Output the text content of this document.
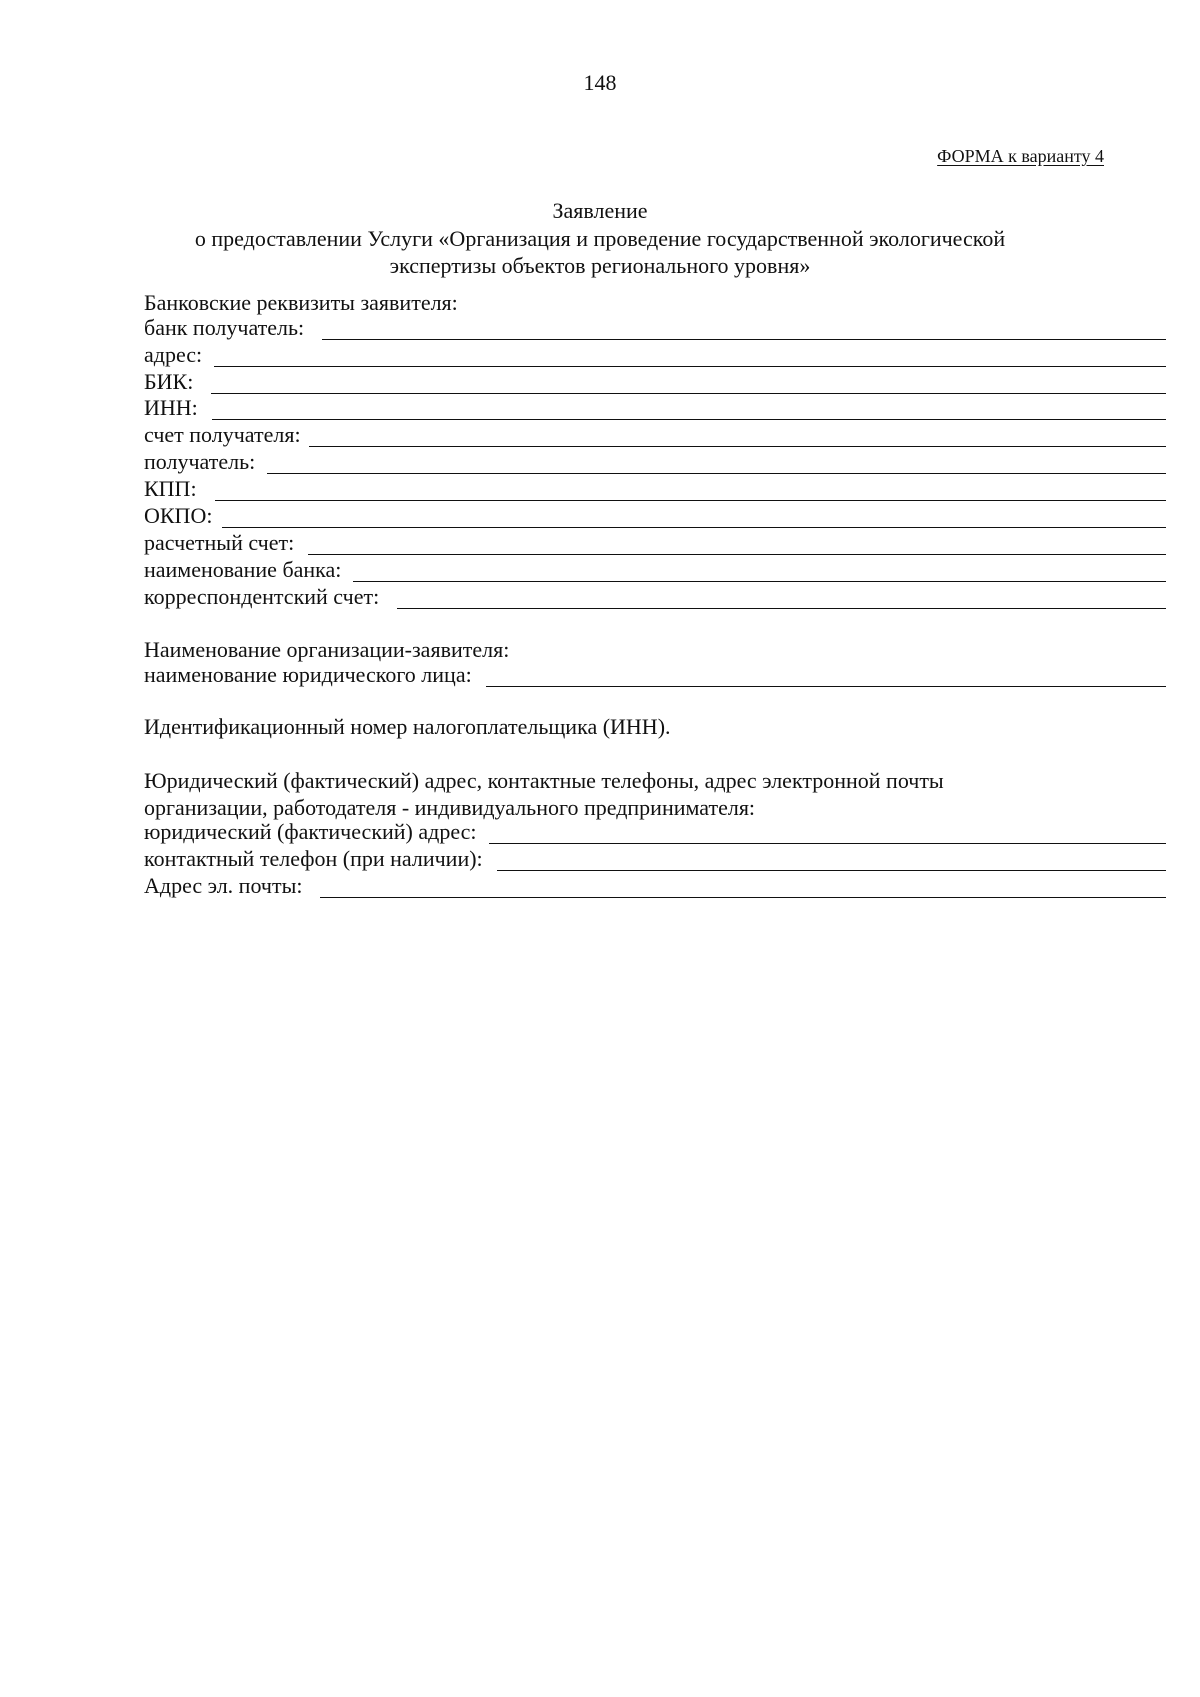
148
ФОРМА к варианту 4
Заявление
о предоставлении Услуги «Организация и проведение государственной экологической
экспертизы объектов регионального уровня»
Банковские реквизиты заявителя:
банк получатель:
адрес:
БИК:
ИНН:
счет получателя:
получатель:
КПП:
ОКПО:
расчетный счет:
наименование банка:
корреспондентский счет:
Наименование организации-заявителя:
наименование юридического лица:
Идентификационный номер налогоплательщика (ИНН).
Юридический (фактический) адрес, контактные телефоны, адрес электронной почты
организации, работодателя - индивидуального предпринимателя:
юридический (фактический) адрес:
контактный телефон (при наличии):
Адрес эл. почты:
